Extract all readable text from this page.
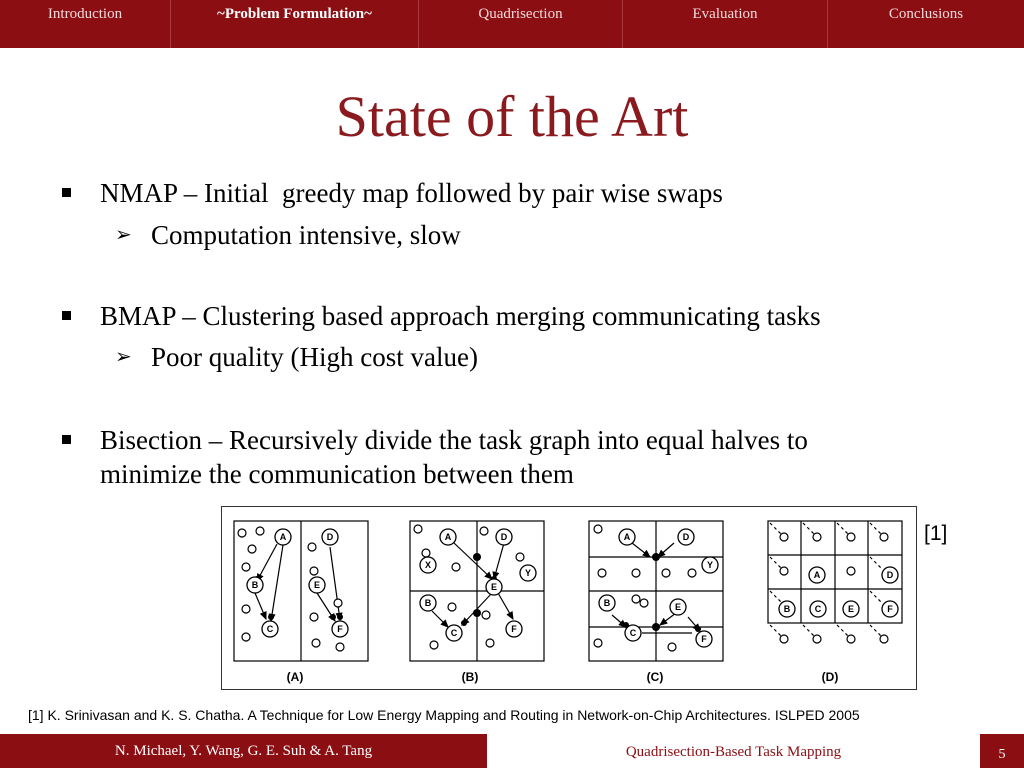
Introduction	~Problem Formulation~	Quadrisection	Evaluation	Conclusions
State of the Art
NMAP – Initial  greedy map followed by pair wise swaps
➢ Computation intensive, slow
BMAP – Clustering based approach merging communicating tasks
➢ Poor quality (High cost value)
Bisection – Recursively divide the task graph into equal halves to
minimize the communication between them
A
B
C
D
E
F
A	D
X
Y
E
B
C	F
A	D
Y
B
C
E
F
A	D
B	C	E	F
(A)	(B)	(C)	(D)
[1]
[1] K. Srinivasan and K. S. Chatha. A Technique for Low Energy Mapping and Routing in Network-on-Chip Architectures. ISLPED 2005
N. Michael, Y. Wang, G. E. Suh & A. Tang	Quadrisection-Based Task Mapping	5
